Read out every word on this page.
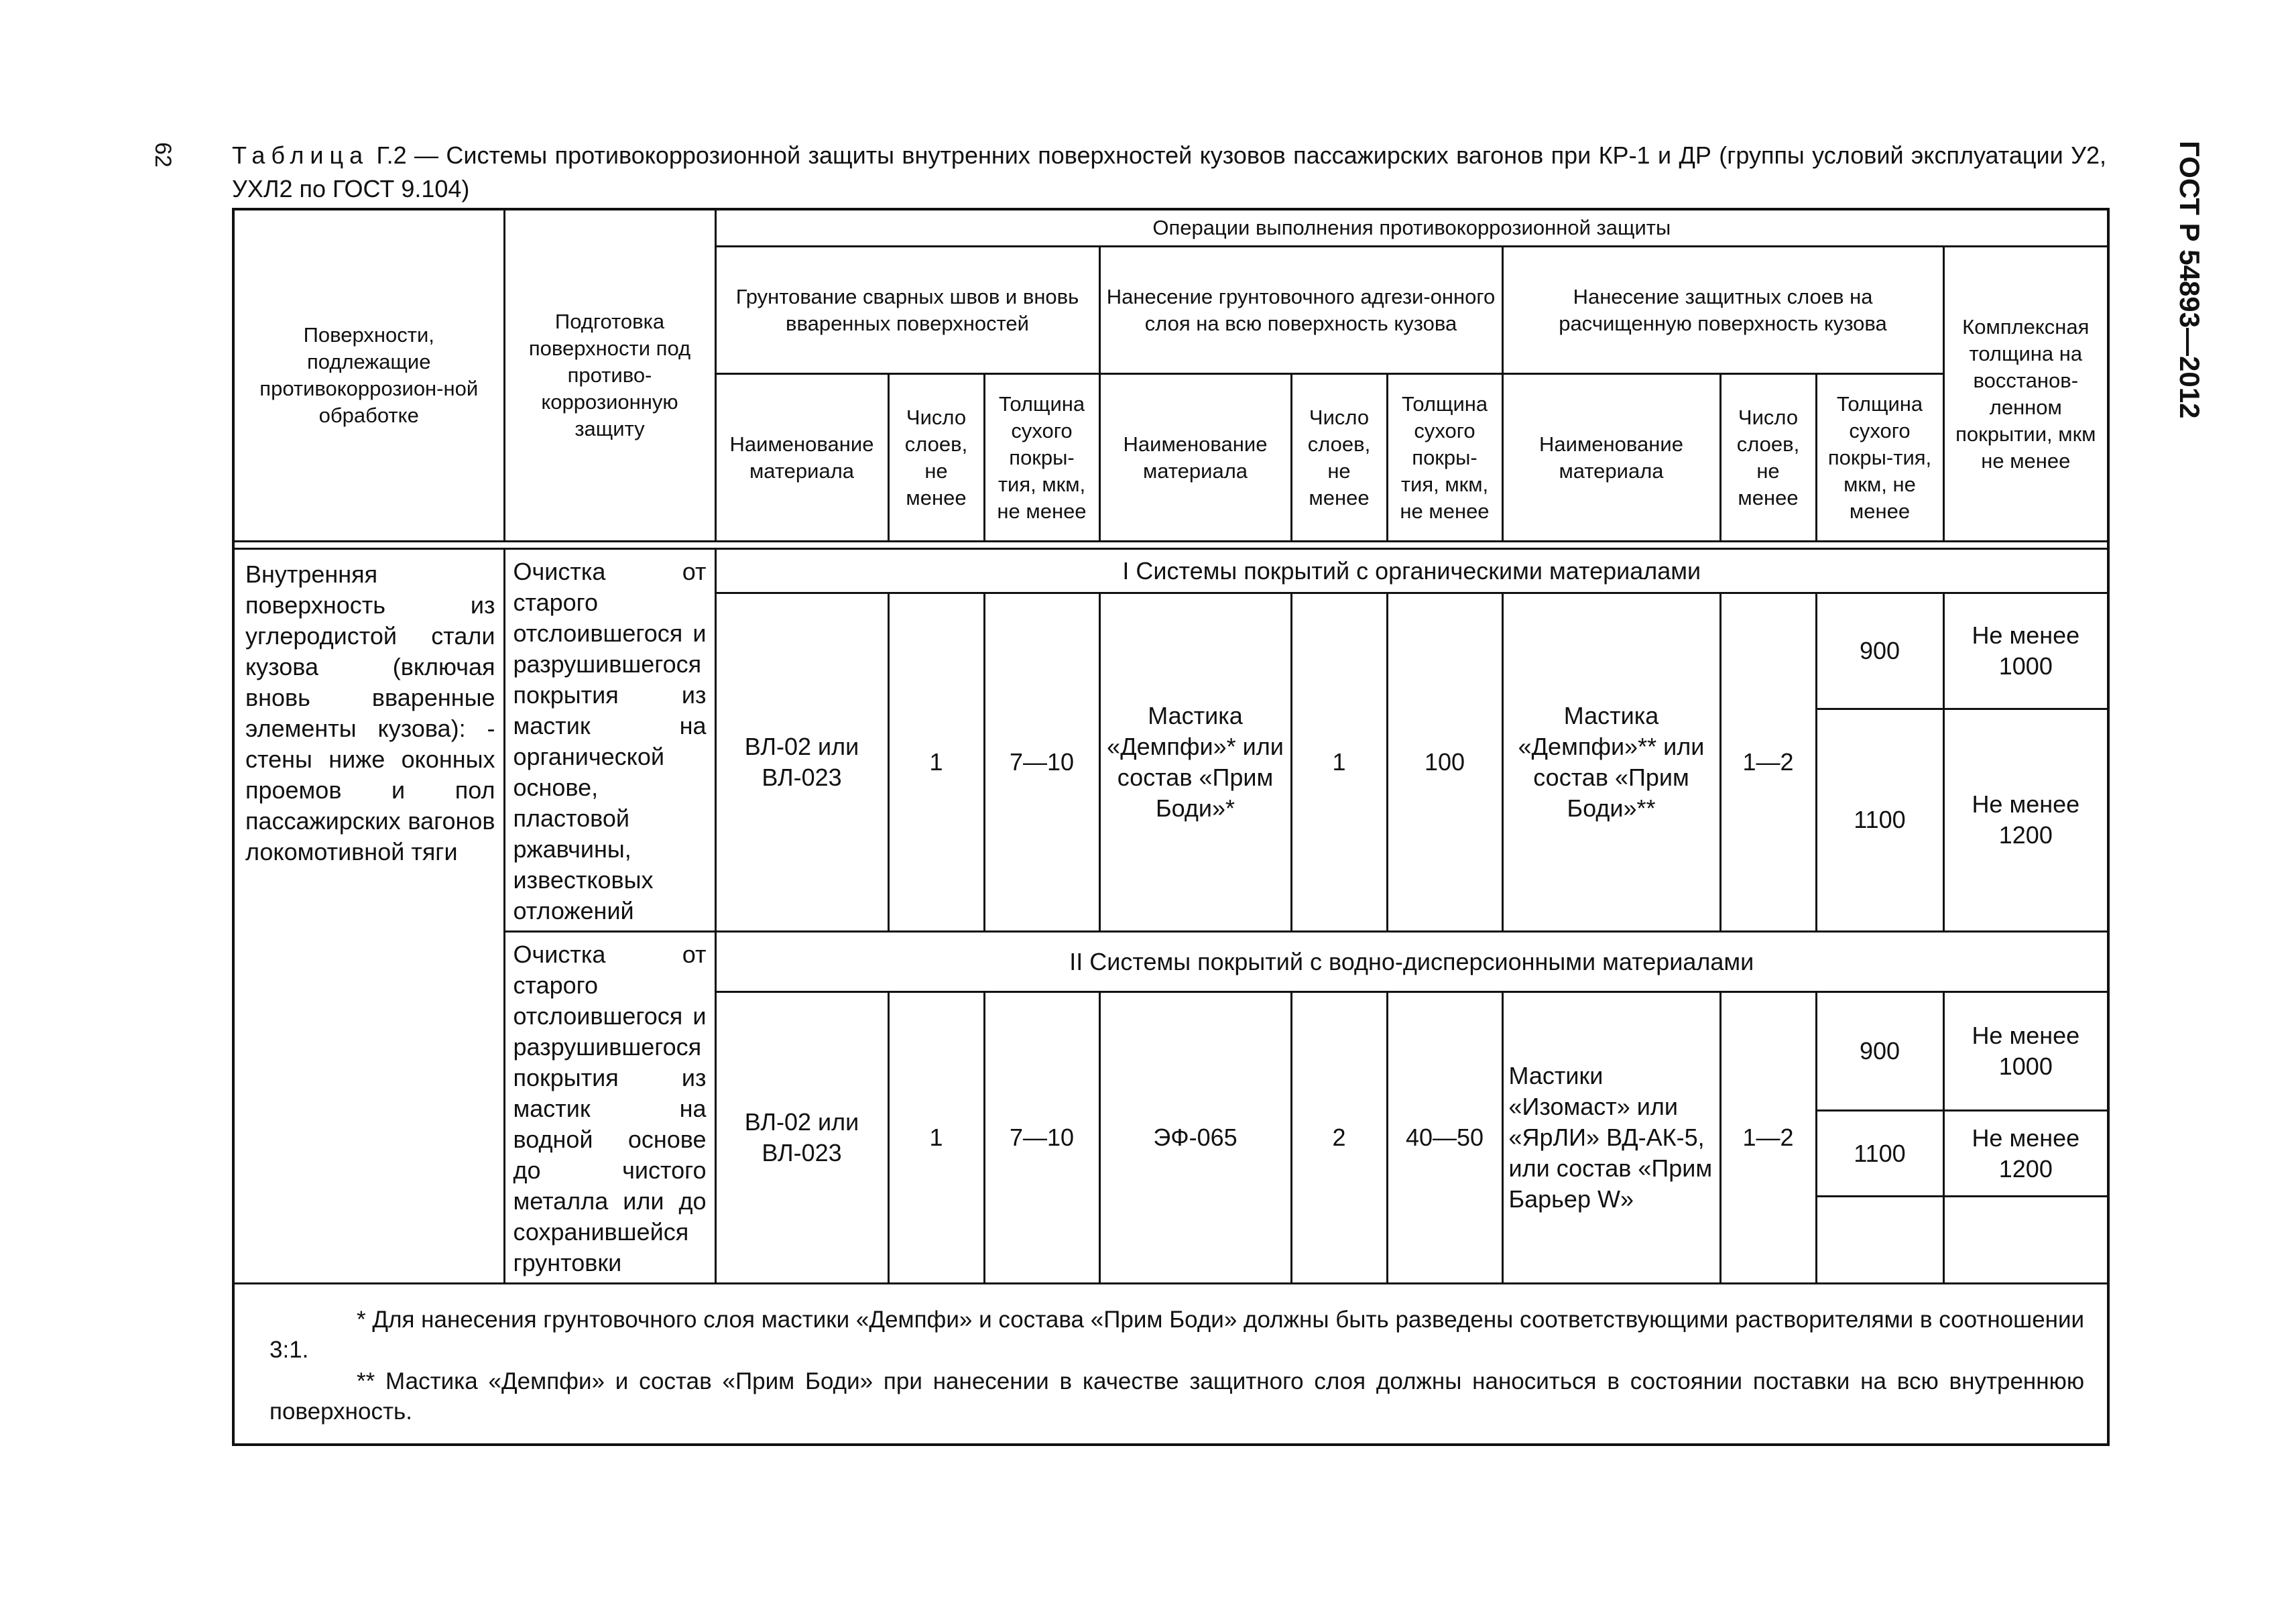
62	ГОСТ Р 54893—2012
Таблица Г.2 — Системы противокоррозионной защиты внутренних поверхностей кузовов пассажирских вагонов при КР-1 и ДР (группы условий эксплуатации У2, УХЛ2 по ГОСТ 9.104)
Поверхности, подлежащие противокоррозион-ной обработке	Подготовка поверхности под противо-коррозионную защиту	Операции выполнения противокоррозионной защиты									
		Грунтование сварных швов и вновь вваренных поверхностей			Нанесение грунтовочного адгези-онного слоя на всю поверхность кузова			Нанесение защитных слоев на расчищенную поверхность кузова			Комплексная толщина на восстанов-ленном покрытии, мкм не менее
		Наименование материала	Число слоев, не менее	Толщина сухого покры-тия, мкм, не менее	Наименование материала	Число слоев, не менее	Толщина сухого покры-тия, мкм, не менее	Наименование материала	Число слоев, не менее	Толщина сухого покры-тия, мкм, не менее	

Внутренняя поверхность из углеродистой стали кузова (включая вновь вваренные элементы кузова): - стены ниже оконных проемов и пол пассажирских вагонов локомотивной тяги	Очистка от старого отслоившегося и разрушившегося покрытия из мастик на органической основе, пластовой ржавчины, известковых отложений	I Системы покрытий с органическими материалами									
		ВЛ-02 или ВЛ-023	1	7—10	Мастика «Демпфи»* или состав «Прим Боди»*	1	100	Мастика «Демпфи»** или состав «Прим Боди»**	1—2	900	Не менее 1000
										1100	Не менее 1200

	Очистка от старого отслоившегося и разрушившегося покрытия из мастик на водной основе до чистого металла или до сохранившейся грунтовки	II Системы покрытий с водно-дисперсионными материалами									
		ВЛ-02 или ВЛ-023	1	7—10	ЭФ-065	2	40—50	Мастики «Изомаст» или «ЯрЛИ» ВД-АК-5, или состав «Прим Барьер W»	1—2	900	Не менее 1000
										1100	Не менее 1200

* Для нанесения грунтовочного слоя мастики «Демпфи» и состава «Прим Боди» должны быть разведены соответствующими растворителями в соотношении 3:1.

** Мастика «Демпфи» и состав «Прим Боди» при нанесении в качестве защитного слоя должны наноситься в состоянии поставки на всю внутреннюю поверхность.											
